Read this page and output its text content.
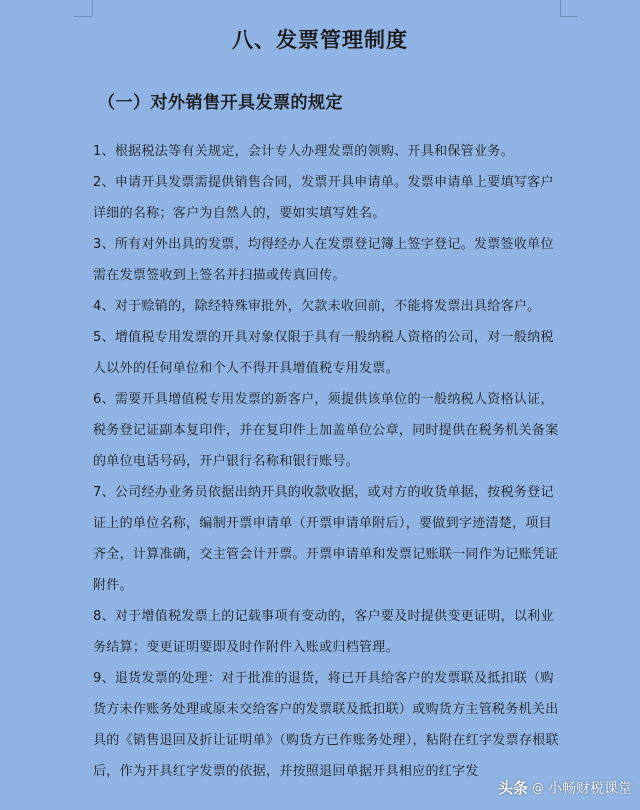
八、发票管理制度
（一）对外销售开具发票的规定

1、根据税法等有关规定，会计专人办理发票的领购、开具和保管业务。

2、申请开具发票需提供销售合同，发票开具申请单。发票申请单上要填写客户详细的名称；客户为自然人的，要如实填写姓名。

3、所有对外出具的发票，均得经办人在发票登记簿上签字登记。发票签收单位需在发票签收到上签名并扫描或传真回传。

4、对于赊销的，除经特殊审批外，欠款未收回前，不能将发票出具给客户。

5、增值税专用发票的开具对象仅限于具有一般纳税人资格的公司，对一般纳税人以外的任何单位和个人不得开具增值税专用发票。

6、需要开具增值税专用发票的新客户，须提供该单位的一般纳税人资格认证，税务登记证副本复印件，并在复印件上加盖单位公章，同时提供在税务机关备案的单位电话号码，开户银行名称和银行账号。

7、公司经办业务员依据出纳开具的收款收据，或对方的收货单据，按税务登记证上的单位名称，编制开票申请单（开票申请单附后），要做到字迹清楚，项目齐全，计算准确，交主管会计开票。开票申请单和发票记账联一同作为记账凭证附件。

8、对于增值税发票上的记载事项有变动的，客户要及时提供变更证明，以利业务结算；变更证明要即及时作附件入账或归档管理。

9、退货发票的处理：对于批准的退货，将已开具给客户的发票联及抵扣联（购货方未作账务处理或原未交给客户的发票联及抵扣联）或购货方主管税务机关出具的《销售退回及折让证明单》（购货方已作账务处理），粘附在红字发票存根联后，作为开具红字发票的依据，并按照退回单据开具相应的红字发

头条 @ 小畅财税课堂
